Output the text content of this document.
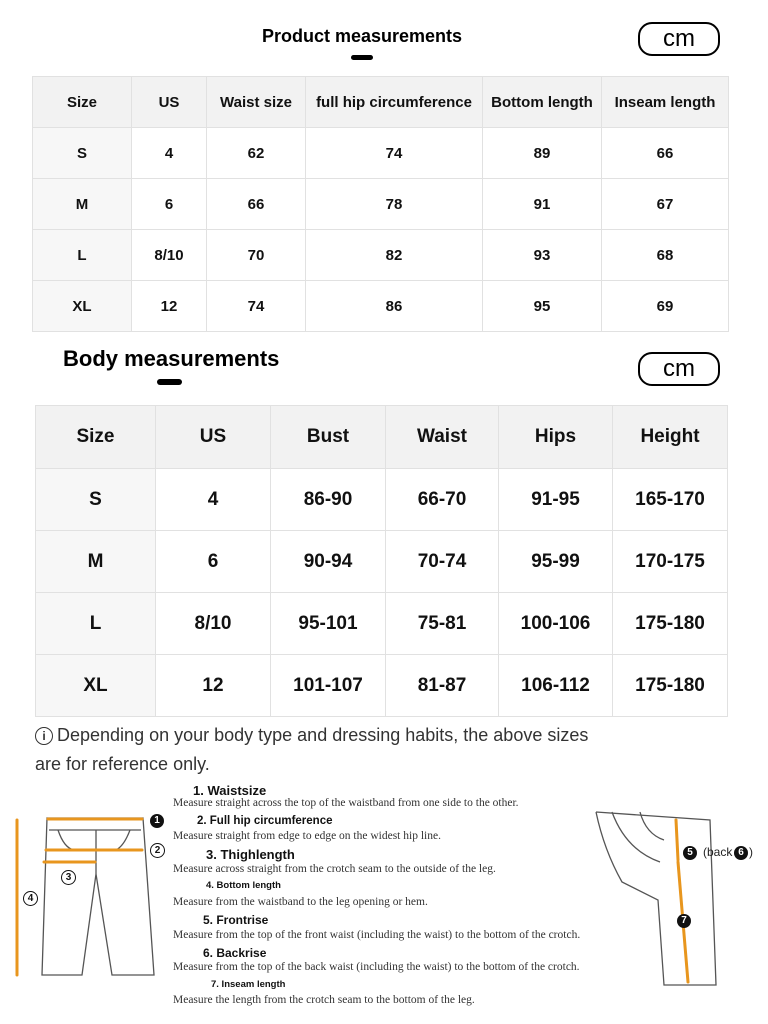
Product measurements	cm
Size	US	Waist size	full hip circumference	Bottom length	Inseam length
S	4	62	74	89	66
M	6	66	78	91	67
L	8/10	70	82	93	68
XL	12	74	86	95	69
Body measurements	cm
Size	US	Bust	Waist	Hips	Height
S	4	86-90	66-70	91-95	165-170
M	6	90-94	70-74	95-99	170-175
L	8/10	95-101	75-81	100-106	175-180
XL	12	101-107	81-87	106-112	175-180
i Depending on your body type and dressing habits, the above sizes are for reference only.
1
2
3
4
5 (back 6 )
7
1. Waistsize
Measure straight across the top of the waistband from one side to the other.
2. Full hip circumference
Measure straight from edge to edge on the widest hip line.
3. Thighlength
Measure across straight from the crotch seam to the outside of the leg.
4. Bottom length
Measure from the waistband to the leg opening or hem.
5. Frontrise
Measure from the top of the front waist (including the waist) to the bottom of the crotch.
6. Backrise
Measure from the top of the back waist (including the waist) to the bottom of the crotch.
7. Inseam length
Measure the length from the crotch seam to the bottom of the leg.
